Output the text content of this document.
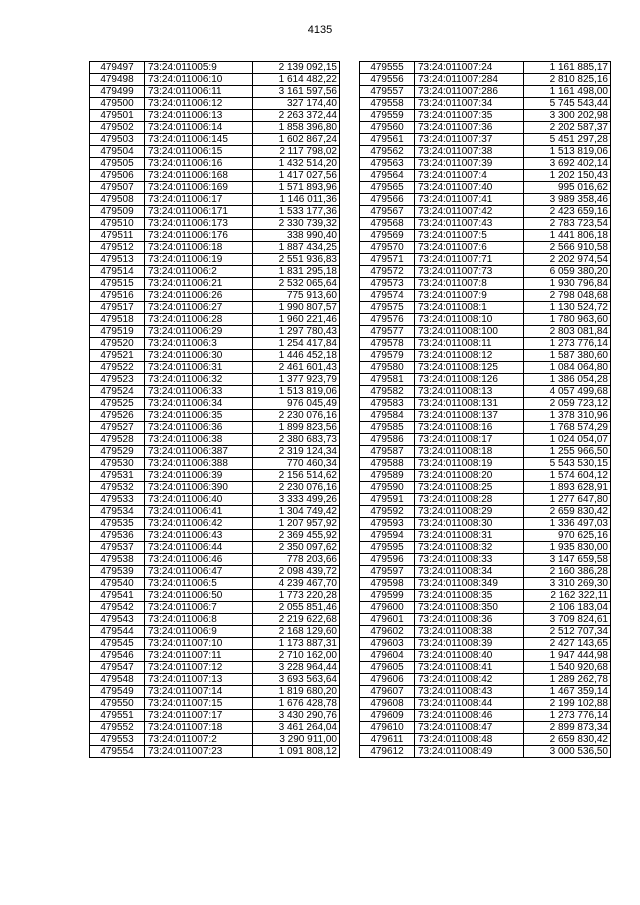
4135
479497	73:24:011005:9	2 139 092,15
479498	73:24:011006:10	1 614 482,22
479499	73:24:011006:11	3 161 597,56
479500	73:24:011006:12	327 174,40
479501	73:24:011006:13	2 263 372,44
479502	73:24:011006:14	1 858 396,80
479503	73:24:011006:145	1 602 867,24
479504	73:24:011006:15	2 117 798,02
479505	73:24:011006:16	1 432 514,20
479506	73:24:011006:168	1 417 027,56
479507	73:24:011006:169	1 571 893,96
479508	73:24:011006:17	1 146 011,36
479509	73:24:011006:171	1 533 177,36
479510	73:24:011006:173	2 330 739,32
479511	73:24:011006:176	338 990,40
479512	73:24:011006:18	1 887 434,25
479513	73:24:011006:19	2 551 936,83
479514	73:24:011006:2	1 831 295,18
479515	73:24:011006:21	2 532 065,64
479516	73:24:011006:26	775 913,60
479517	73:24:011006:27	1 990 807,57
479518	73:24:011006:28	1 960 221,46
479519	73:24:011006:29	1 297 780,43
479520	73:24:011006:3	1 254 417,84
479521	73:24:011006:30	1 446 452,18
479522	73:24:011006:31	2 461 601,43
479523	73:24:011006:32	1 377 923,79
479524	73:24:011006:33	1 513 819,06
479525	73:24:011006:34	976 045,49
479526	73:24:011006:35	2 230 076,16
479527	73:24:011006:36	1 899 823,56
479528	73:24:011006:38	2 380 683,73
479529	73:24:011006:387	2 319 124,34
479530	73:24:011006:388	770 460,34
479531	73:24:011006:39	2 156 514,62
479532	73:24:011006:390	2 230 076,16
479533	73:24:011006:40	3 333 499,26
479534	73:24:011006:41	1 304 749,42
479535	73:24:011006:42	1 207 957,92
479536	73:24:011006:43	2 369 455,92
479537	73:24:011006:44	2 350 097,62
479538	73:24:011006:46	778 203,66
479539	73:24:011006:47	2 098 439,72
479540	73:24:011006:5	4 239 467,70
479541	73:24:011006:50	1 773 220,28
479542	73:24:011006:7	2 055 851,46
479543	73:24:011006:8	2 219 622,68
479544	73:24:011006:9	2 168 129,60
479545	73:24:011007:10	1 173 887,31
479546	73:24:011007:11	2 710 162,00
479547	73:24:011007:12	3 228 964,44
479548	73:24:011007:13	3 693 563,64
479549	73:24:011007:14	1 819 680,20
479550	73:24:011007:15	1 676 428,78
479551	73:24:011007:17	3 430 290,76
479552	73:24:011007:18	3 461 264,04
479553	73:24:011007:2	3 290 911,00
479554	73:24:011007:23	1 091 808,12
479555	73:24:011007:24	1 161 885,17
479556	73:24:011007:284	2 810 825,16
479557	73:24:011007:286	1 161 498,00
479558	73:24:011007:34	5 745 543,44
479559	73:24:011007:35	3 300 202,98
479560	73:24:011007:36	2 202 587,37
479561	73:24:011007:37	5 451 297,28
479562	73:24:011007:38	1 513 819,06
479563	73:24:011007:39	3 692 402,14
479564	73:24:011007:4	1 202 150,43
479565	73:24:011007:40	995 016,62
479566	73:24:011007:41	3 989 358,46
479567	73:24:011007:42	2 423 659,16
479568	73:24:011007:43	2 783 723,54
479569	73:24:011007:5	1 441 806,18
479570	73:24:011007:6	2 566 910,58
479571	73:24:011007:71	2 202 974,54
479572	73:24:011007:73	6 059 380,20
479573	73:24:011007:8	1 930 796,84
479574	73:24:011007:9	2 798 048,68
479575	73:24:011008:1	1 130 524,72
479576	73:24:011008:10	1 780 963,60
479577	73:24:011008:100	2 803 081,84
479578	73:24:011008:11	1 273 776,14
479579	73:24:011008:12	1 587 380,60
479580	73:24:011008:125	1 084 064,80
479581	73:24:011008:126	1 386 054,28
479582	73:24:011008:13	4 057 499,68
479583	73:24:011008:131	2 059 723,12
479584	73:24:011008:137	1 378 310,96
479585	73:24:011008:16	1 768 574,29
479586	73:24:011008:17	1 024 054,07
479587	73:24:011008:18	1 255 966,50
479588	73:24:011008:19	5 543 530,15
479589	73:24:011008:20	1 574 604,12
479590	73:24:011008:25	1 893 628,91
479591	73:24:011008:28	1 277 647,80
479592	73:24:011008:29	2 659 830,42
479593	73:24:011008:30	1 336 497,03
479594	73:24:011008:31	970 625,16
479595	73:24:011008:32	1 935 830,00
479596	73:24:011008:33	3 147 659,58
479597	73:24:011008:34	2 160 386,28
479598	73:24:011008:349	3 310 269,30
479599	73:24:011008:35	2 162 322,11
479600	73:24:011008:350	2 106 183,04
479601	73:24:011008:36	3 709 824,61
479602	73:24:011008:38	2 512 707,34
479603	73:24:011008:39	2 427 143,65
479604	73:24:011008:40	1 947 444,98
479605	73:24:011008:41	1 540 920,68
479606	73:24:011008:42	1 289 262,78
479607	73:24:011008:43	1 467 359,14
479608	73:24:011008:44	2 199 102,88
479609	73:24:011008:46	1 273 776,14
479610	73:24:011008:47	2 899 873,34
479611	73:24:011008:48	2 659 830,42
479612	73:24:011008:49	3 000 536,50
